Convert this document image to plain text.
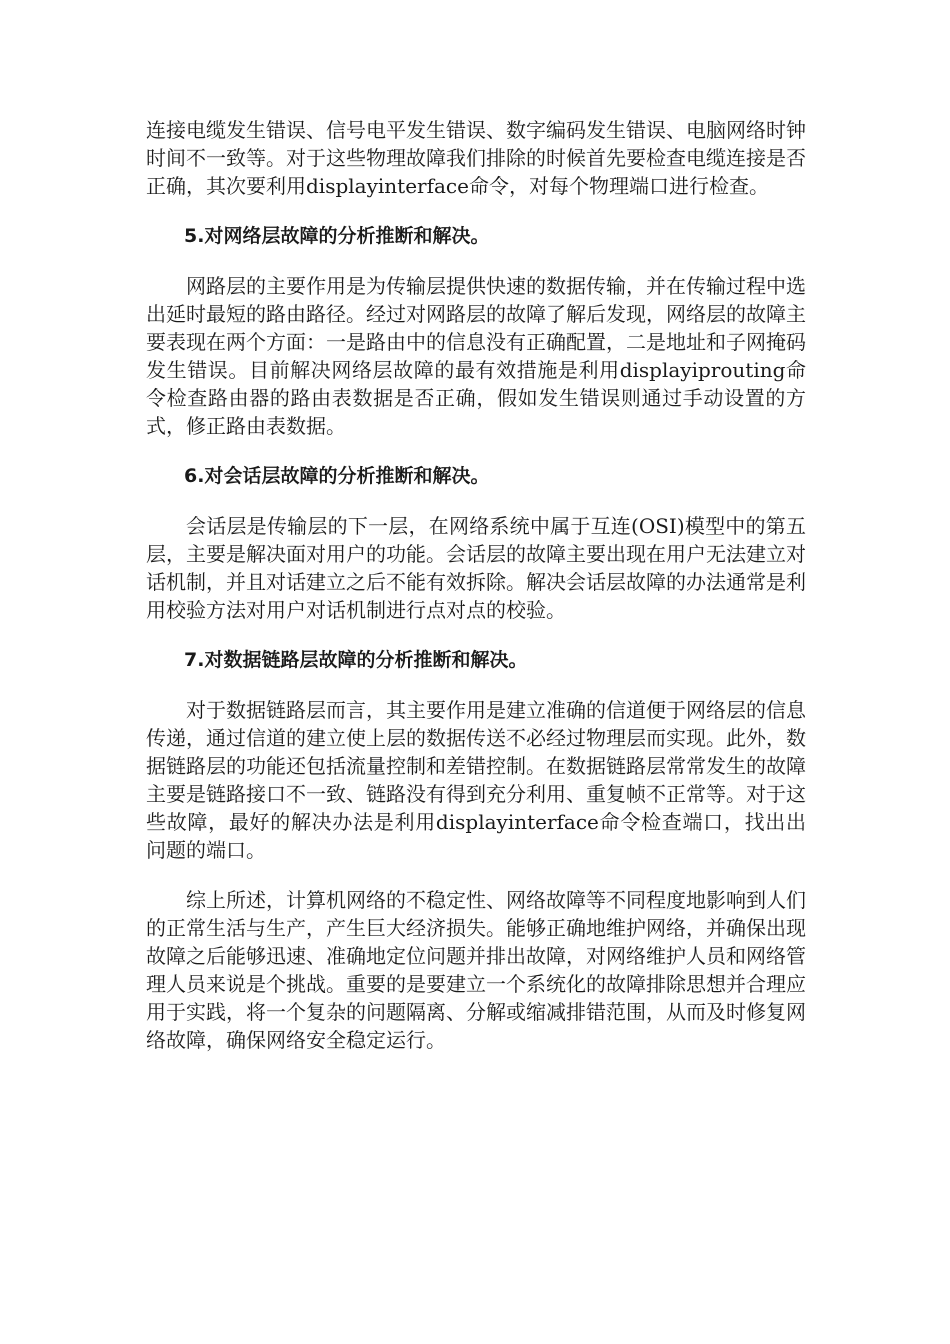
连接电缆发生错误、信号电平发生错误、数字编码发生错误、电脑网络时钟时间不一致等。对于这些物理故障我们排除的时候首先要检查电缆连接是否正确，其次要利用displayinterface命令，对每个物理端口进行检查。

5.对网络层故障的分析推断和解决。

网路层的主要作用是为传输层提供快速的数据传输，并在传输过程中选出延时最短的路由路径。经过对网路层的故障了解后发现，网络层的故障主要表现在两个方面：一是路由中的信息没有正确配置，二是地址和子网掩码发生错误。目前解决网络层故障的最有效措施是利用displayiprouting命令检查路由器的路由表数据是否正确，假如发生错误则通过手动设置的方式，修正路由表数据。

6.对会话层故障的分析推断和解决。

会话层是传输层的下一层，在网络系统中属于互连(OSI)模型中的第五层，主要是解决面对用户的功能。会话层的故障主要出现在用户无法建立对话机制，并且对话建立之后不能有效拆除。解决会话层故障的办法通常是利用校验方法对用户对话机制进行点对点的校验。

7.对数据链路层故障的分析推断和解决。

对于数据链路层而言，其主要作用是建立准确的信道便于网络层的信息传递，通过信道的建立使上层的数据传送不必经过物理层而实现。此外，数据链路层的功能还包括流量控制和差错控制。在数据链路层常常发生的故障主要是链路接口不一致、链路没有得到充分利用、重复帧不正常等。对于这些故障，最好的解决办法是利用displayinterface命令检查端口，找出出问题的端口。

综上所述，计算机网络的不稳定性、网络故障等不同程度地影响到人们的正常生活与生产，产生巨大经济损失。能够正确地维护网络，并确保出现故障之后能够迅速、准确地定位问题并排出故障，对网络维护人员和网络管理人员来说是个挑战。重要的是要建立一个系统化的故障排除思想并合理应用于实践，将一个复杂的问题隔离、分解或缩减排错范围，从而及时修复网络故障，确保网络安全稳定运行。
